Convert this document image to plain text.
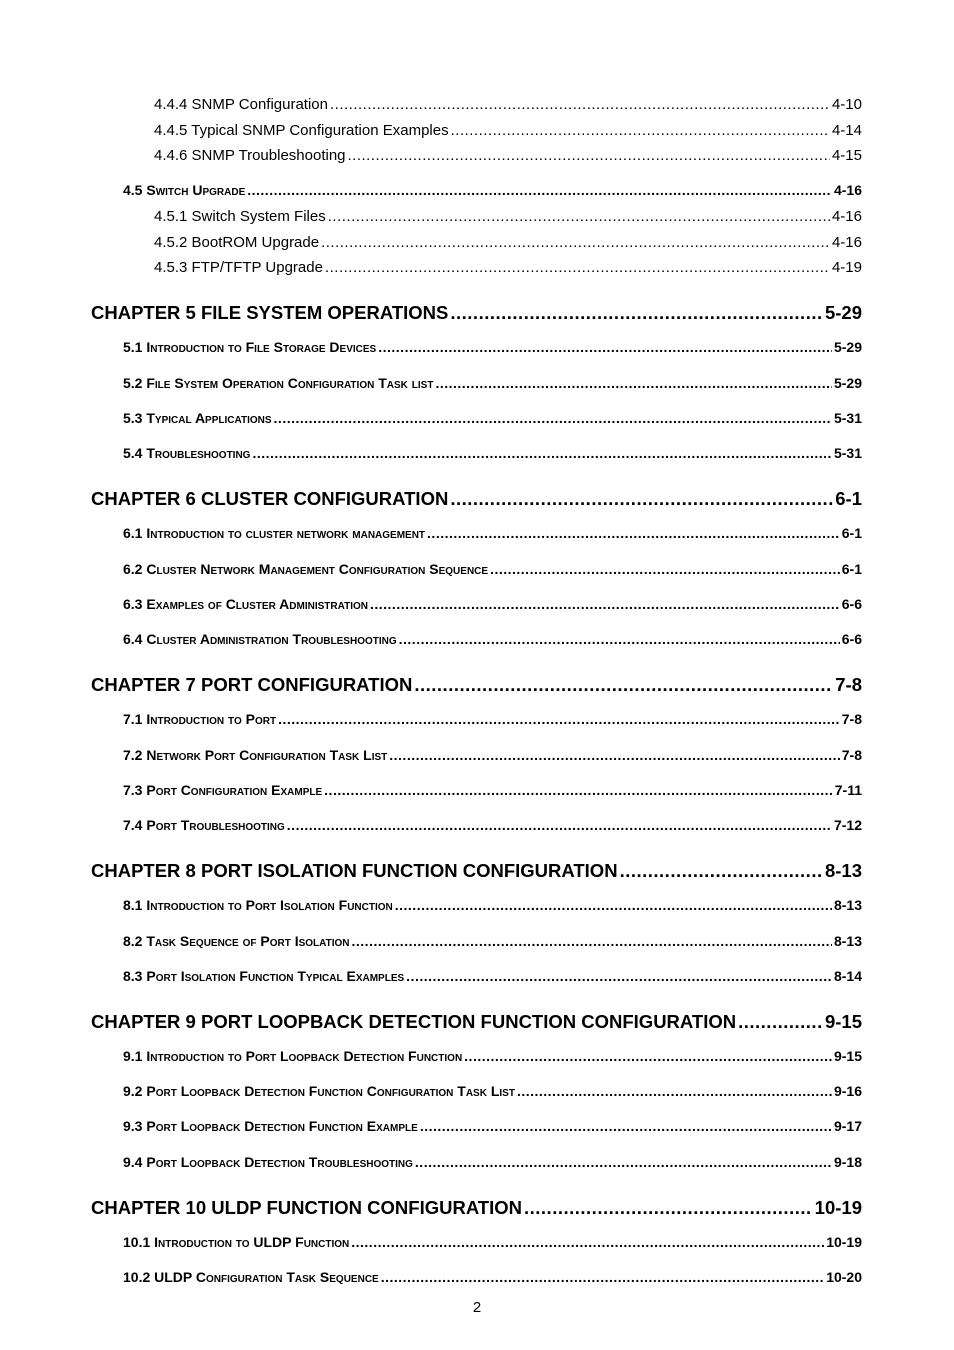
4.4.4 SNMP Configuration .....	4-10
4.4.5 Typical SNMP Configuration Examples .....	4-14
4.4.6 SNMP Troubleshooting .....	4-15
4.5 Switch Upgrade .....	4-16
4.5.1 Switch System Files .....	4-16
4.5.2 BootROM Upgrade .....	4-16
4.5.3 FTP/TFTP Upgrade .....	4-19
CHAPTER 5 FILE SYSTEM OPERATIONS .....	5-29
5.1 Introduction to File Storage Devices .....	5-29
5.2 File System Operation Configuration Task list .....	5-29
5.3 Typical Applications .....	5-31
5.4 Troubleshooting .....	5-31
CHAPTER 6 CLUSTER CONFIGURATION .....	6-1
6.1 Introduction to cluster network management .....	6-1
6.2 Cluster Network Management Configuration Sequence .....	6-1
6.3 Examples of Cluster Administration .....	6-6
6.4 Cluster Administration Troubleshooting .....	6-6
CHAPTER 7 PORT CONFIGURATION .....	7-8
7.1 Introduction to Port .....	7-8
7.2 Network Port Configuration Task List .....	7-8
7.3 Port Configuration Example .....	7-11
7.4 Port Troubleshooting .....	7-12
CHAPTER 8 PORT ISOLATION FUNCTION CONFIGURATION .....	8-13
8.1 Introduction to Port Isolation Function .....	8-13
8.2 Task Sequence of Port Isolation .....	8-13
8.3 Port Isolation Function Typical Examples .....	8-14
CHAPTER 9 PORT LOOPBACK DETECTION FUNCTION CONFIGURATION .....	9-15
9.1 Introduction to Port Loopback Detection Function .....	9-15
9.2 Port Loopback Detection Function Configuration Task List .....	9-16
9.3 Port Loopback Detection Function Example .....	9-17
9.4 Port Loopback Detection Troubleshooting .....	9-18
CHAPTER 10 ULDP FUNCTION CONFIGURATION .....	10-19
10.1 Introduction to ULDP Function .....	10-19
10.2 ULDP Configuration Task Sequence .....	10-20
2
